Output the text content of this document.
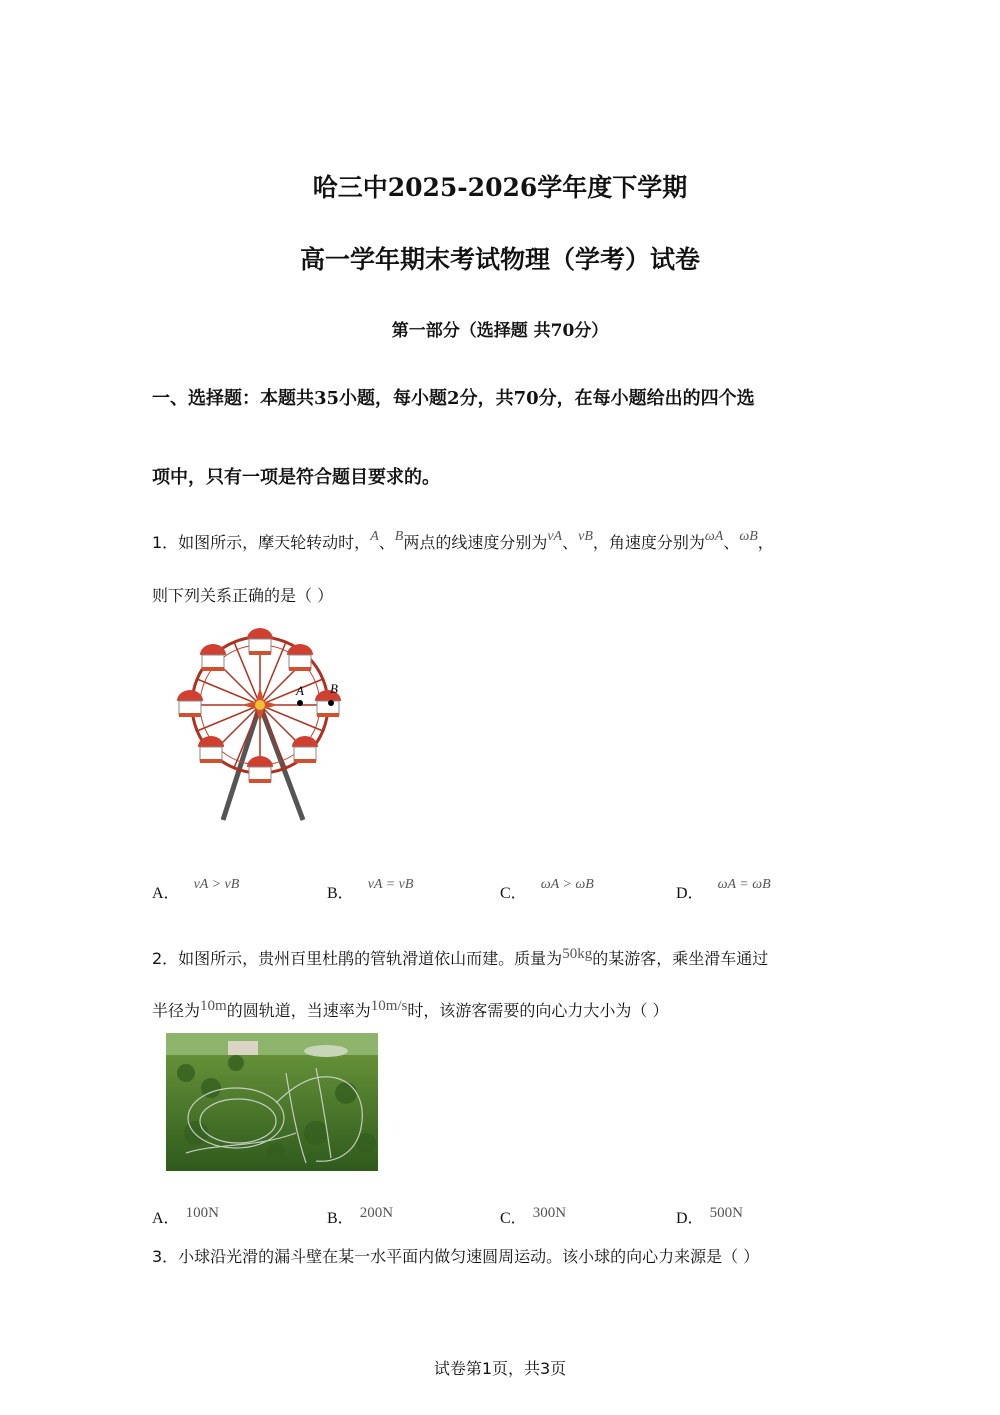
哈三中2025-2026学年度下学期
高一学年期末考试物理（学考）试卷
第一部分（选择题 共70分）
一、选择题：本题共35小题，每小题2分，共70分，在每小题给出的四个选
项中，只有一项是符合题目要求的。
1．如图所示，摩天轮转动时，A、B两点的线速度分别为vA、vB，角速度分别为ωA、ωB，
则下列关系正确的是（ ）
A B
A．vA > vB
B．vA = vB
C．ωA > ωB
D．ωA = ωB
2．如图所示，贵州百里杜鹃的管轨滑道依山而建。质量为50kg的某游客，乘坐滑车通过
半径为10m的圆轨道，当速率为10m/s时，该游客需要的向心力大小为（ ）
A． 100N	B． 200N	C． 300N	D． 500N
3．小球沿光滑的漏斗壁在某一水平面内做匀速圆周运动。该小球的向心力来源是（ ）
试卷第1页，共3页
